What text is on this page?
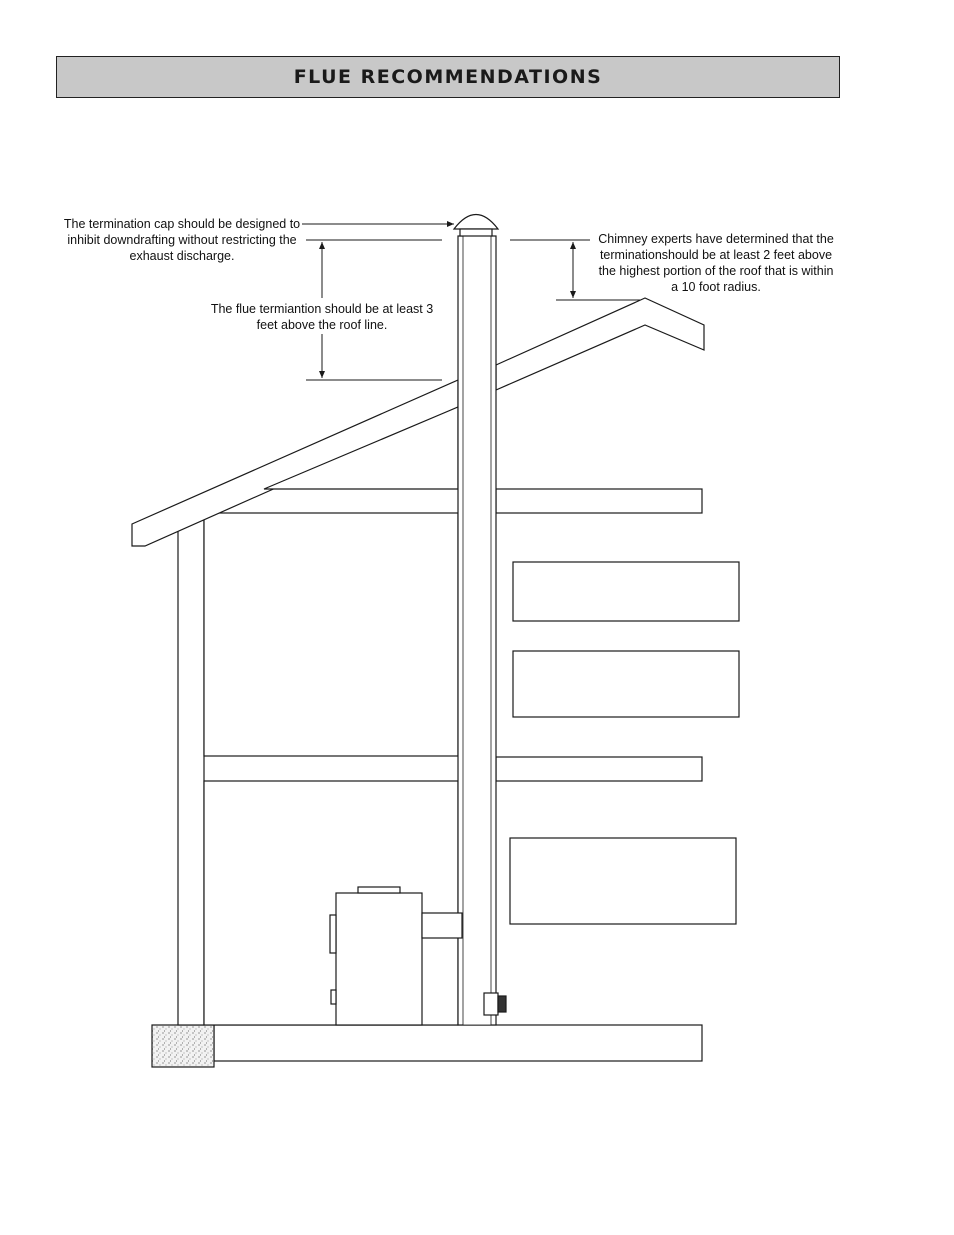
FLUE RECOMMENDATIONS
The termination cap should be designed to inhibit downdrafting without restricting the exhaust discharge.
The flue termiantion should be at least 3 feet above the roof line.
Chimney experts have determined that the terminationshould be at least 2 feet above the highest portion of the roof that is within a 10 foot radius.
